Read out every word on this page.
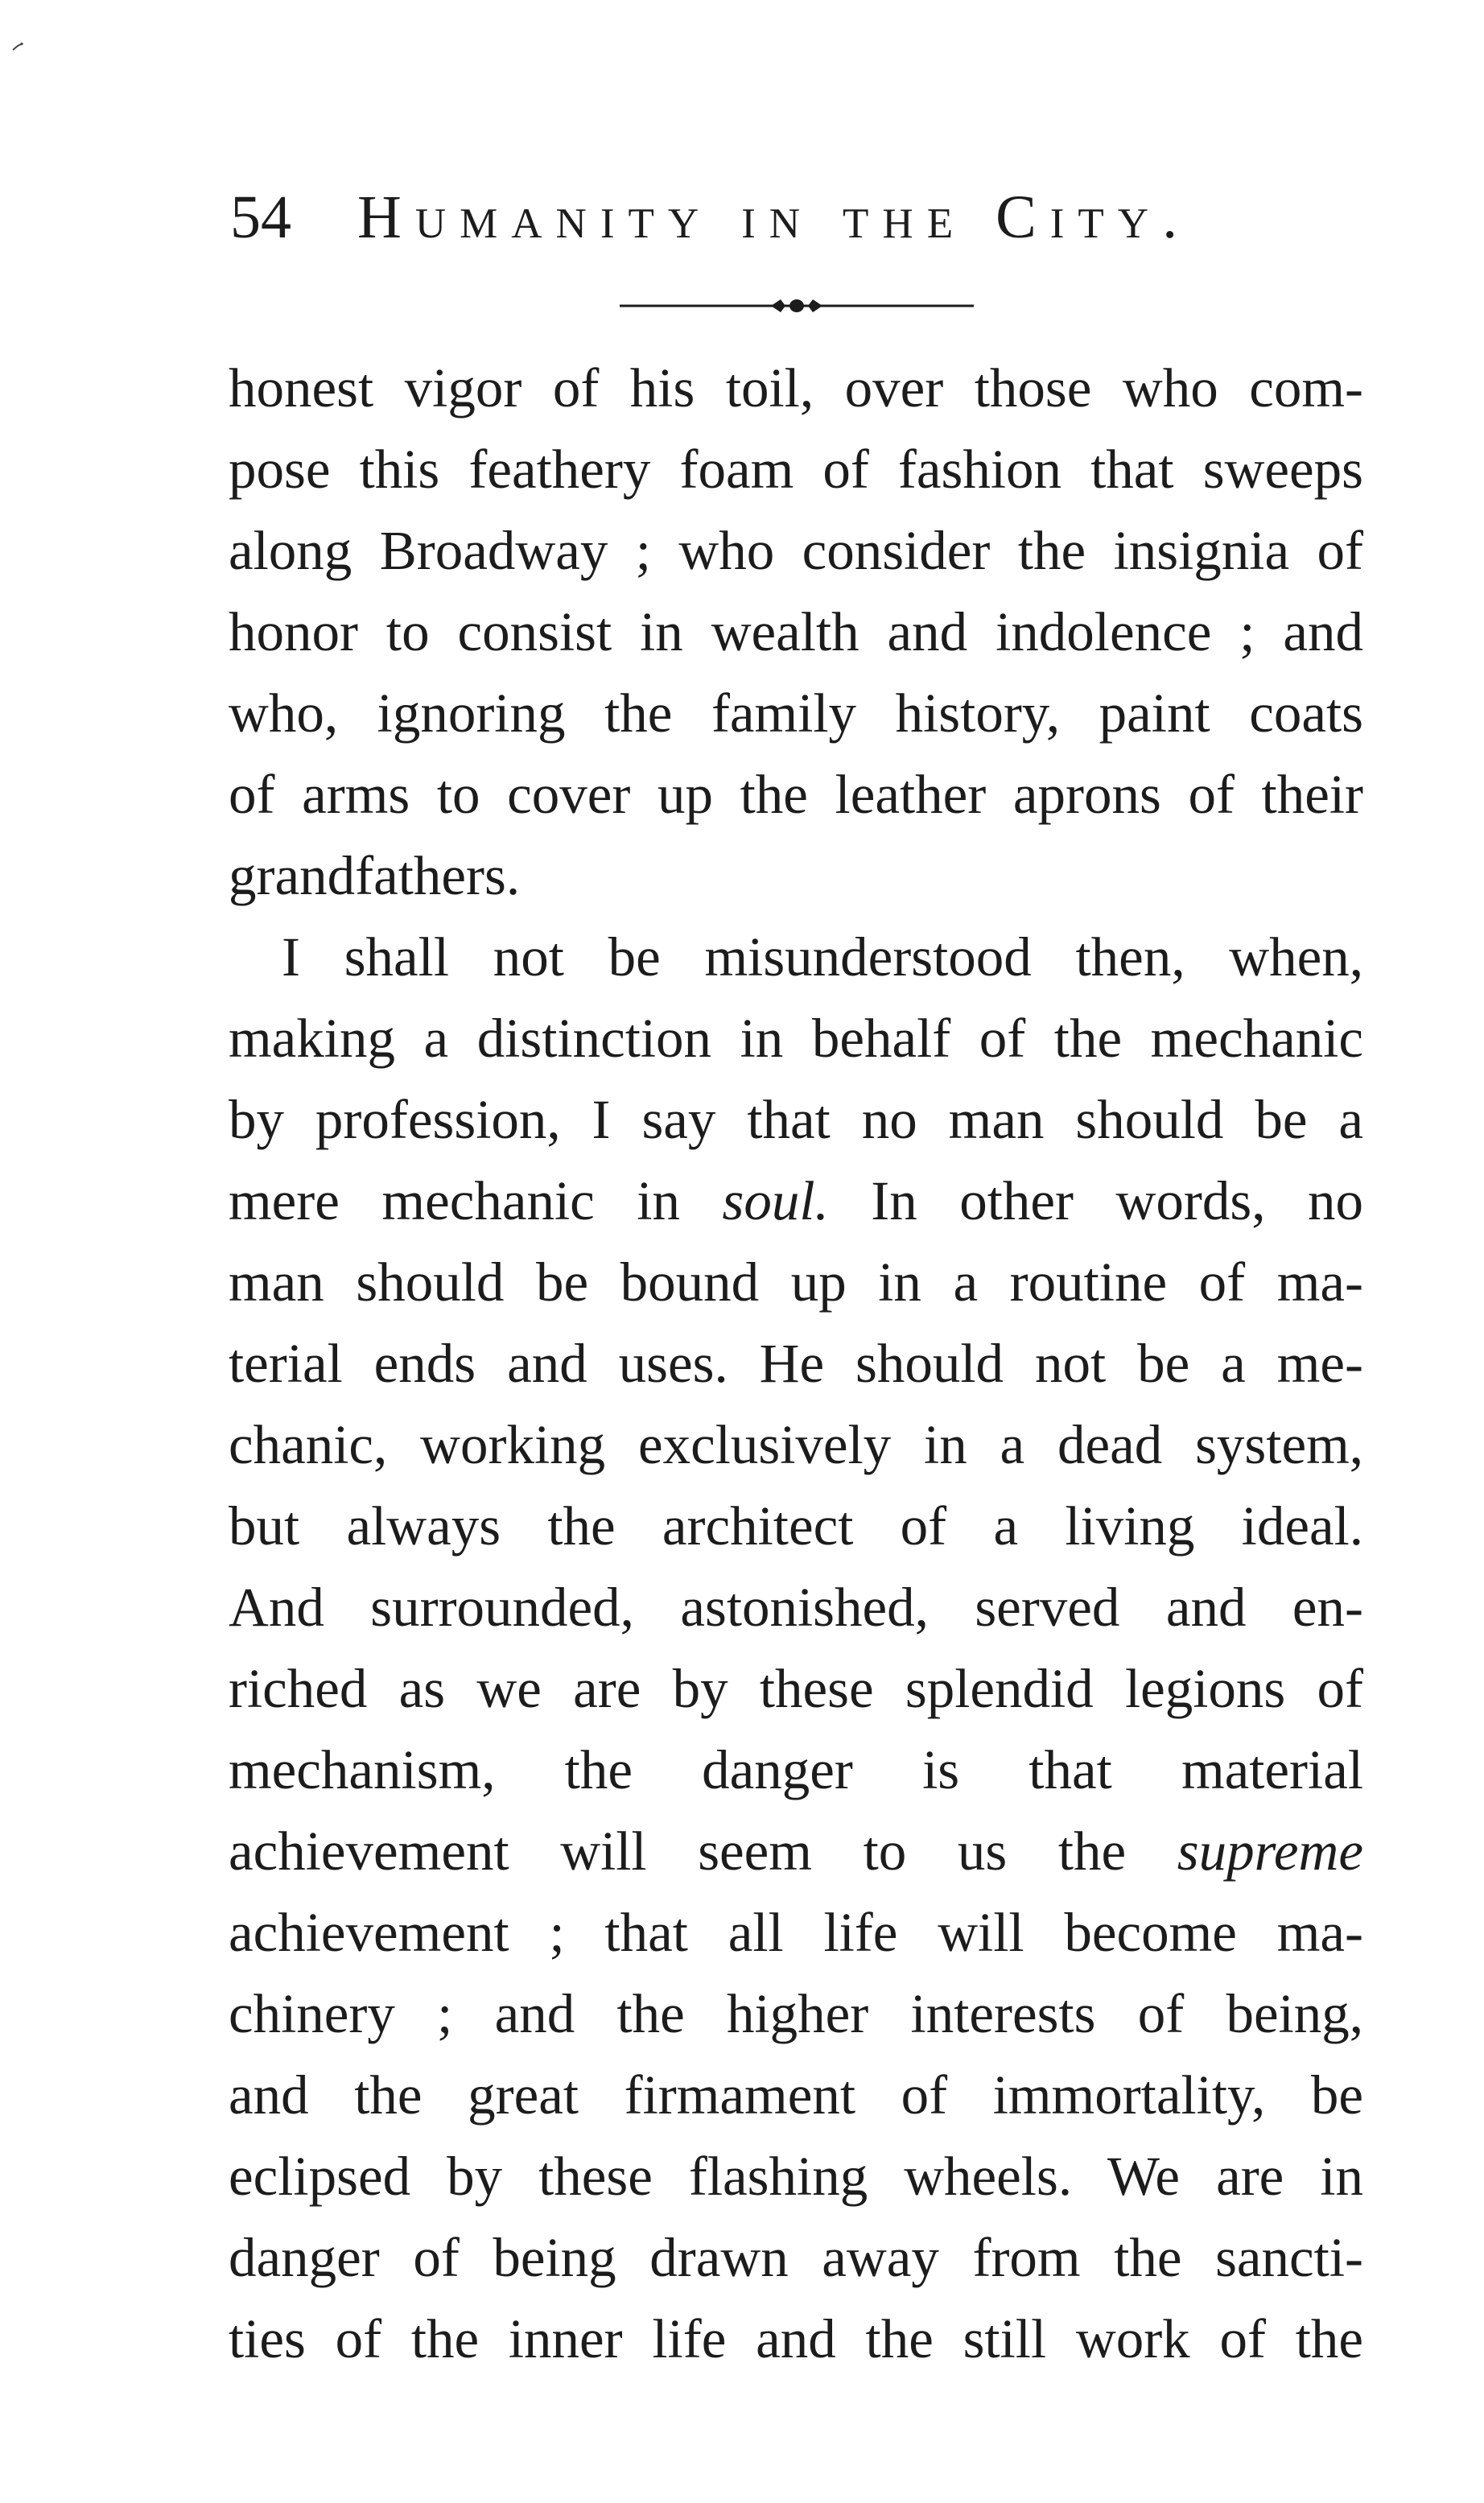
54 Humanity in the City.
honest vigor of his toil, over those who com-
pose this feathery foam of fashion that sweeps
along Broadway ; who consider the insignia of
honor to consist in wealth and indolence ; and
who, ignoring the family history, paint coats
of arms to cover up the leather aprons of their
grandfathers.
I shall not be misunderstood then, when,
making a distinction in behalf of the mechanic
by profession, I say that no man should be a
mere mechanic in soul. In other words, no
man should be bound up in a routine of ma-
terial ends and uses. He should not be a me-
chanic, working exclusively in a dead system,
but always the architect of a living ideal.
And surrounded, astonished, served and en-
riched as we are by these splendid legions of
mechanism, the danger is that material
achievement will seem to us the supreme
achievement ; that all life will become ma-
chinery ; and the higher interests of being,
and the great firmament of immortality, be
eclipsed by these flashing wheels. We are in
danger of being drawn away from the sancti-
ties of the inner life and the still work of the
